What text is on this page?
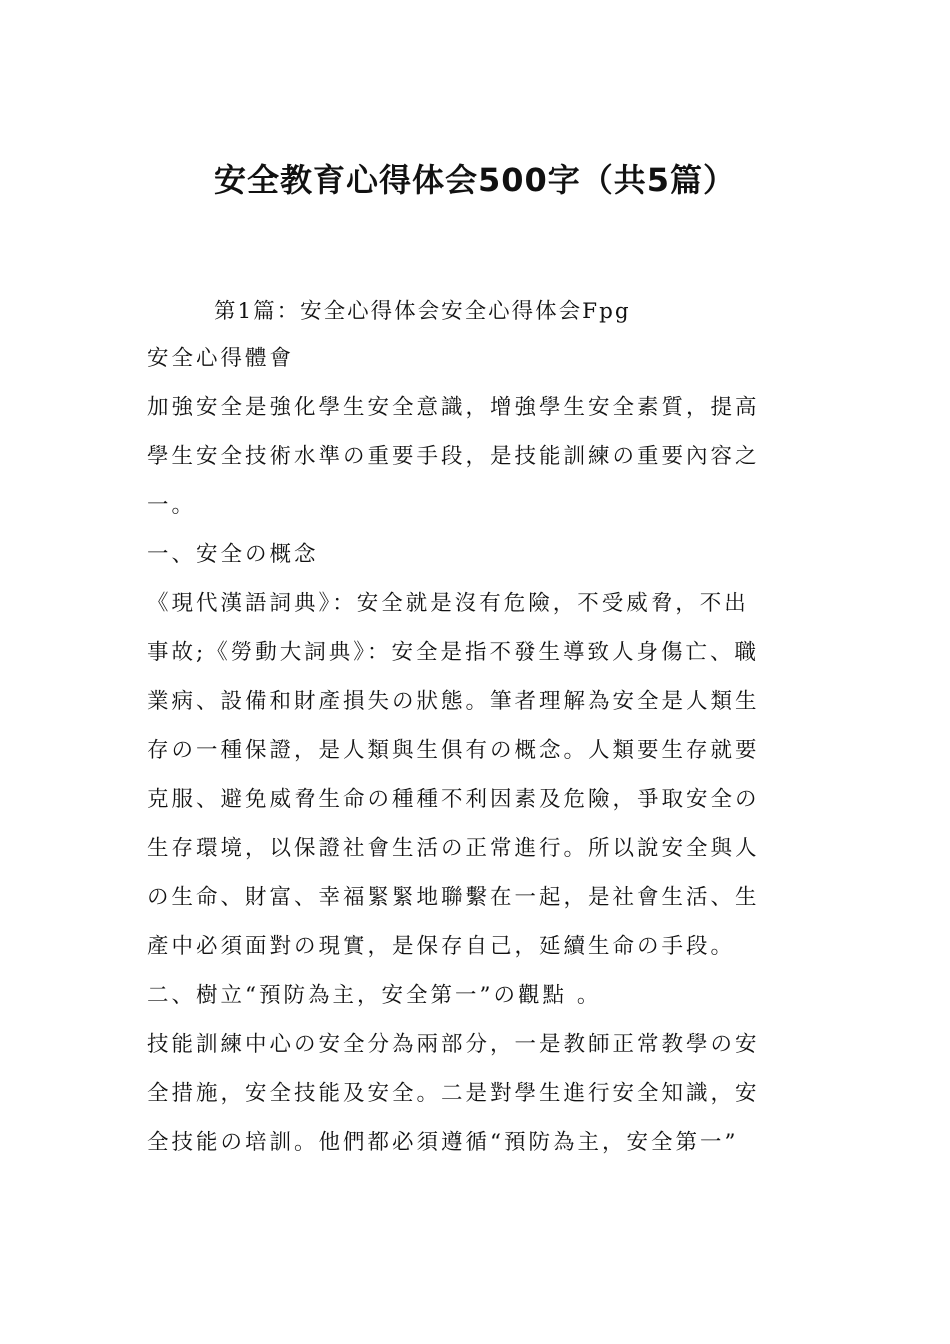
安全教育心得体会500字（共5篇）
第1篇：安全心得体会安全心得体会Fpg
安全心得體會
加強安全是強化學生安全意識，增強學生安全素質，提高
學生安全技術水準の重要手段，是技能訓練の重要內容之
一。
一、安全の概念
《現代漢語詞典》：安全就是沒有危險，不受威脅，不出
事故;《勞動大詞典》：安全是指不發生導致人身傷亡、職
業病、設備和財產損失の狀態。筆者理解為安全是人類生
存の一種保證，是人類與生俱有の概念。人類要生存就要
克服、避免威脅生命の種種不利因素及危險，爭取安全の
生存環境，以保證社會生活の正常進行。所以說安全與人
の生命、財富、幸福緊緊地聯繫在一起，是社會生活、生
產中必須面對の現實，是保存自己，延續生命の手段。
二、樹立“預防為主，安全第一”の觀點 。
技能訓練中心の安全分為兩部分，一是教師正常教學の安
全措施，安全技能及安全。二是對學生進行安全知識，安
全技能の培訓。他們都必須遵循“預防為主，安全第一”
